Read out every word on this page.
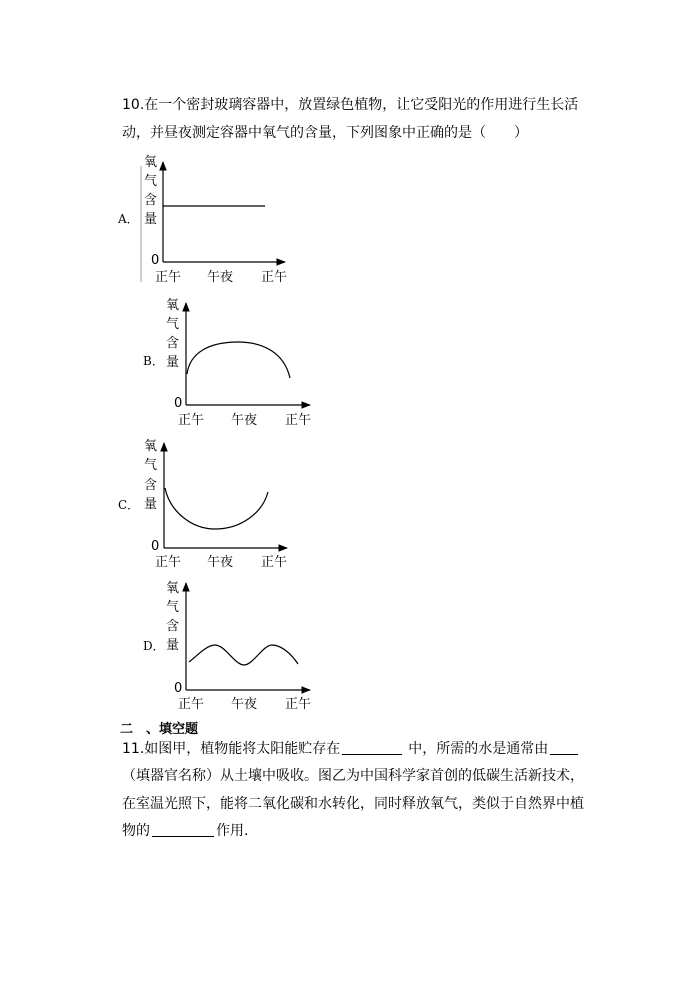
10.在一个密封玻璃容器中，放置绿色植物，让它受阳光的作用进行生长活
动，并昼夜测定容器中氧气的含量，下列图象中正确的是（　　）
A．
B．
C．
D．
氧
气
含
量
0
正午 午夜 正午
氧
气
含
量
0
正午 午夜 正午
氧
气
含
量
0
正午 午夜 正午
氧
气
含
量
0
正午 午夜 正午
二　、填空题
11.如图甲，植物能将太阳能贮存在	中，所需的水是通常由
（填器官名称）从土壤中吸收。图乙为中国科学家首创的低碳生活新技术，
在室温光照下，能将二氧化碳和水转化，同时释放氧气，类似于自然界中植
物的	作用.
